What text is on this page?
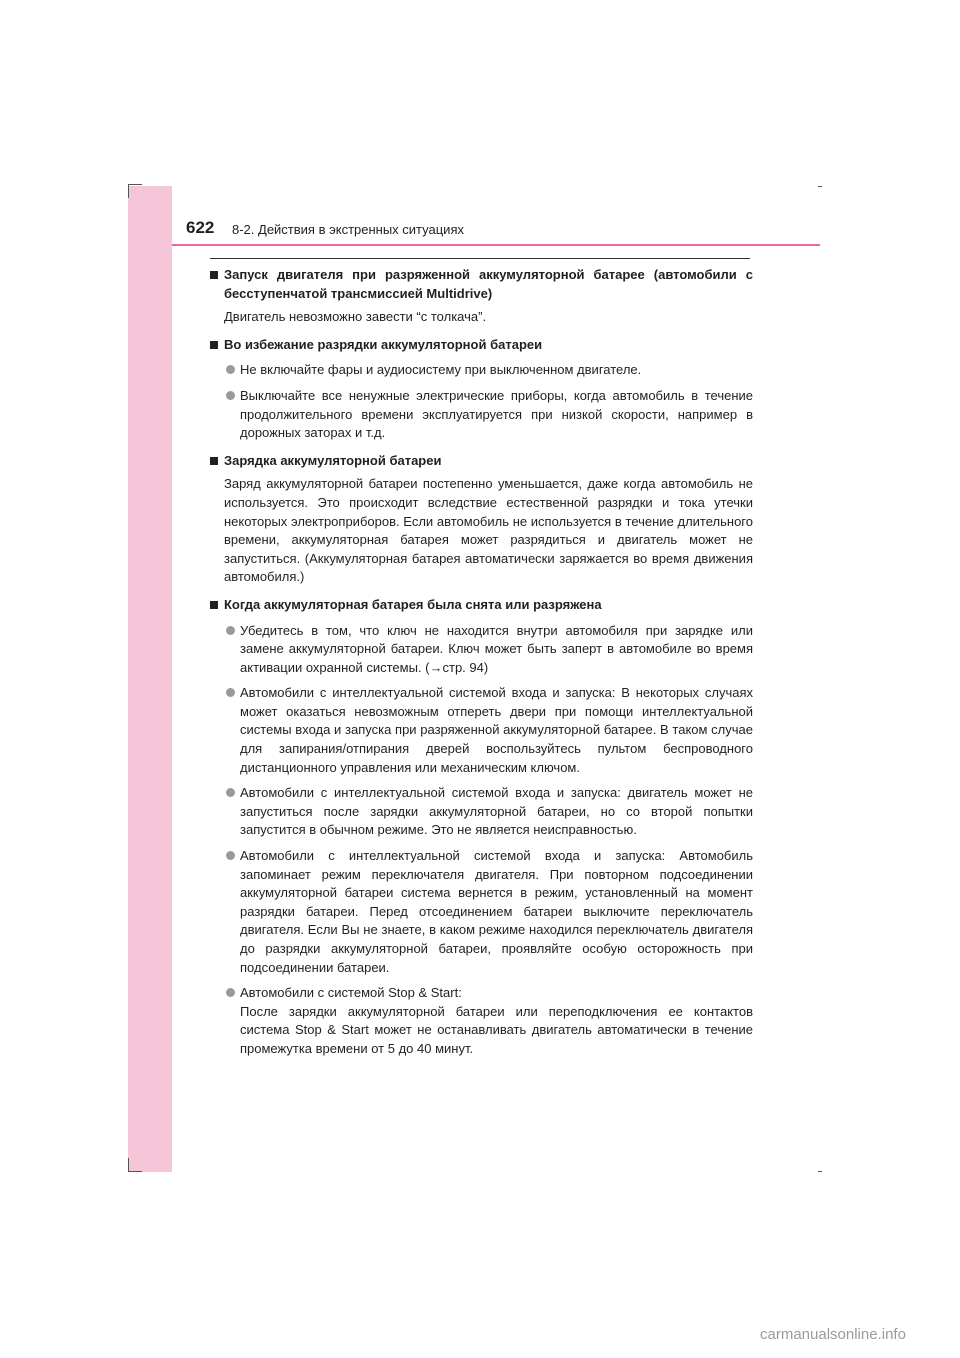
622 8-2. Действия в экстренных ситуациях
Запуск двигателя при разряженной аккумуляторной батарее (автомобили с бесступенчатой трансмиссией Multidrive)
Двигатель невозможно завести “с толкача”.
Во избежание разрядки аккумуляторной батареи
Не включайте фары и аудиосистему при выключенном двигателе.
Выключайте все ненужные электрические приборы, когда автомобиль в течение продолжительного времени эксплуатируется при низкой скорости, например в дорожных заторах и т.д.
Зарядка аккумуляторной батареи
Заряд аккумуляторной батареи постепенно уменьшается, даже когда автомобиль не используется. Это происходит вследствие естественной разрядки и тока утечки некоторых электроприборов. Если автомобиль не используется в течение длительного времени, аккумуляторная батарея может разрядиться и двигатель может не запуститься. (Аккумуляторная батарея автоматически заряжается во время движения автомобиля.)
Когда аккумуляторная батарея была снята или разряжена
Убедитесь в том, что ключ не находится внутри автомобиля при зарядке или замене аккумуляторной батареи. Ключ может быть заперт в автомобиле во время активации охранной системы. (→стр. 94)
Автомобили с интеллектуальной системой входа и запуска: В некоторых случаях может оказаться невозможным отпереть двери при помощи интеллектуальной системы входа и запуска при разряженной аккумуляторной батарее. В таком случае для запирания/отпирания дверей воспользуйтесь пультом беспроводного дистанционного управления или механическим ключом.
Автомобили с интеллектуальной системой входа и запуска: двигатель может не запуститься после зарядки аккумуляторной батареи, но со второй попытки запустится в обычном режиме. Это не является неисправностью.
Автомобили с интеллектуальной системой входа и запуска: Автомобиль запоминает режим переключателя двигателя. При повторном подсоединении аккумуляторной батареи система вернется в режим, установленный на момент разрядки батареи. Перед отсоединением батареи выключите переключатель двигателя. Если Вы не знаете, в каком режиме находился переключатель двигателя до разрядки аккумуляторной батареи, проявляйте особую осторожность при подсоединении батареи.
Автомобили с системой Stop & Start:
После зарядки аккумуляторной батареи или переподключения ее контактов система Stop & Start может не останавливать двигатель автоматически в течение промежутка времени от 5 до 40 минут.
carmanualsonline.info
